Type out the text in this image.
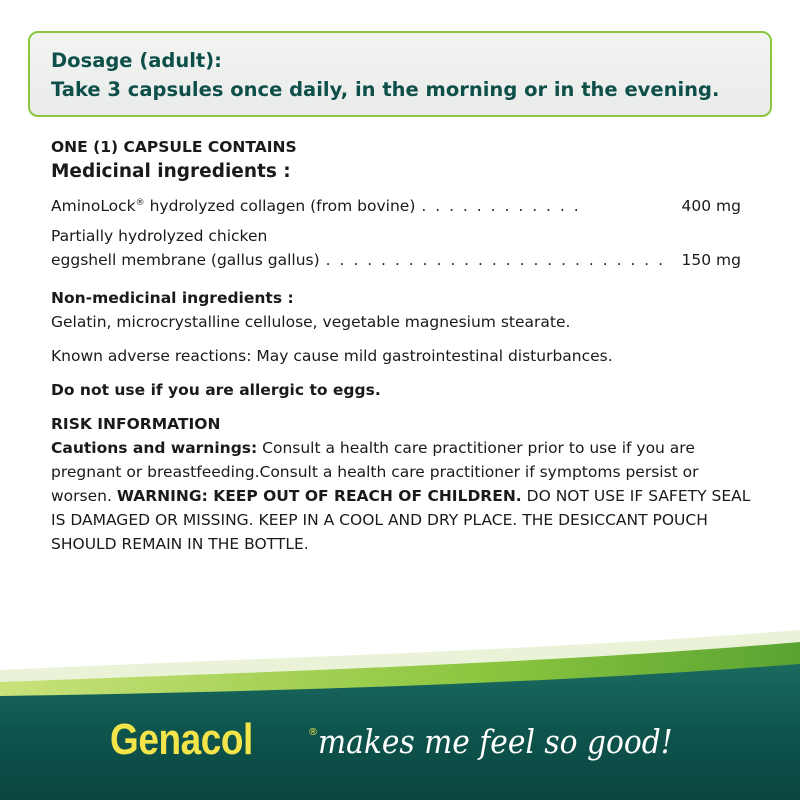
Dosage (adult):
Take 3 capsules once daily, in the morning or in the evening.
ONE (1) CAPSULE CONTAINS
Medicinal ingredients :
AminoLock® hydrolyzed collagen (from bovine) . . . . . . . . . . . .	400 mg
Partially hydrolyzed chicken
eggshell membrane (gallus gallus) . . . . . . . . . . . . . . . . . . . . . . . . .	150 mg
Non-medicinal ingredients :
Gelatin, microcrystalline cellulose, vegetable magnesium stearate.
Known adverse reactions: May cause mild gastrointestinal disturbances.
Do not use if you are allergic to eggs.
RISK INFORMATION
Cautions and warnings: Consult a health care practitioner prior to use if you are pregnant or breastfeeding.Consult a health care practitioner if symptoms persist or worsen. WARNING: KEEP OUT OF REACH OF CHILDREN. DO NOT USE IF SAFETY SEAL IS DAMAGED OR MISSING. KEEP IN A COOL AND DRY PLACE. THE DESICCANT POUCH SHOULD REMAIN IN THE BOTTLE.
Genacol	® makes me feel so good!
